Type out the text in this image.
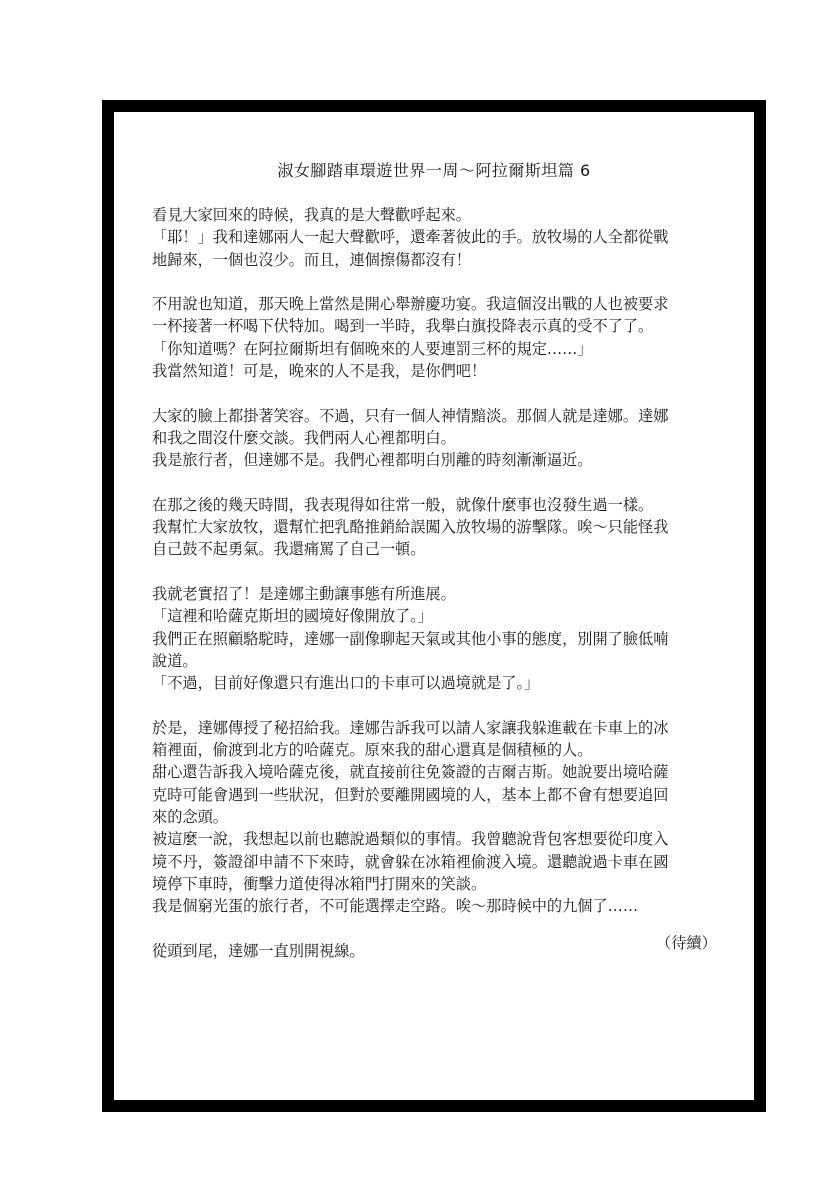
淑女腳踏車環遊世界一周～阿拉爾斯坦篇 6
看見大家回來的時候，我真的是大聲歡呼起來。
「耶！」我和達娜兩人一起大聲歡呼，還牽著彼此的手。放牧場的人全都從戰
地歸來，一個也沒少。而且，連個擦傷都沒有！
不用說也知道，那天晚上當然是開心舉辦慶功宴。我這個沒出戰的人也被要求
一杯接著一杯喝下伏特加。喝到一半時，我舉白旗投降表示真的受不了了。
「你知道嗎？在阿拉爾斯坦有個晚來的人要連罰三杯的規定……」
我當然知道！可是，晚來的人不是我，是你們吧！
大家的臉上都掛著笑容。不過，只有一個人神情黯淡。那個人就是達娜。達娜
和我之間沒什麼交談。我們兩人心裡都明白。
我是旅行者，但達娜不是。我們心裡都明白別離的時刻漸漸逼近。
在那之後的幾天時間，我表現得如往常一般，就像什麼事也沒發生過一樣。
我幫忙大家放牧，還幫忙把乳酪推銷給誤闖入放牧場的游擊隊。唉～只能怪我
自己鼓不起勇氣。我還痛罵了自己一頓。
我就老實招了！是達娜主動讓事態有所進展。
「這裡和哈薩克斯坦的國境好像開放了。」
我們正在照顧駱駝時，達娜一副像聊起天氣或其他小事的態度，別開了臉低喃
說道。
「不過，目前好像還只有進出口的卡車可以過境就是了。」
於是，達娜傳授了秘招給我。達娜告訴我可以請人家讓我躲進載在卡車上的冰
箱裡面，偷渡到北方的哈薩克。原來我的甜心還真是個積極的人。
甜心還告訴我入境哈薩克後，就直接前往免簽證的吉爾吉斯。她說要出境哈薩
克時可能會遇到一些狀況，但對於要離開國境的人，基本上都不會有想要追回
來的念頭。
被這麼一說，我想起以前也聽說過類似的事情。我曾聽說背包客想要從印度入
境不丹，簽證卻申請不下來時，就會躲在冰箱裡偷渡入境。還聽說過卡車在國
境停下車時，衝擊力道使得冰箱門打開來的笑談。
我是個窮光蛋的旅行者，不可能選擇走空路。唉～那時候中的九個了……
從頭到尾，達娜一直別開視線。	（待續）
